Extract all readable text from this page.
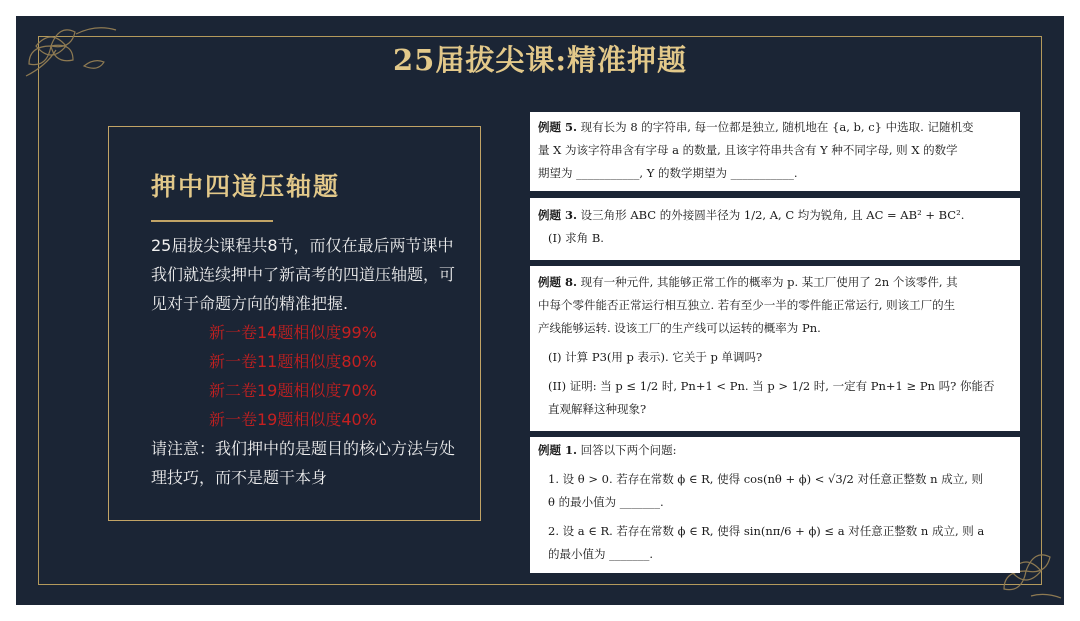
25届拔尖课:精准押题
押中四道压轴题
25届拔尖课程共8节，而仅在最后两节课中我们就连续押中了新高考的四道压轴题，可见对于命题方向的精准把握.
新一卷14题相似度99%
新一卷11题相似度80%
新二卷19题相似度70%
新一卷19题相似度40%
请注意：我们押中的是题目的核心方法与处理技巧，而不是题干本身
例题 5. 现有长为 8 的字符串, 每一位都是独立, 随机地在 {a, b, c} 中选取. 记随机变
量 X 为该字符串含有字母 a 的数量, 且该字符串共含有 Y 种不同字母, 则 X 的数学
期望为 ___________, Y 的数学期望为 ___________.
例题 3. 设三角形 ABC 的外接圆半径为 1/2, A, C 均为锐角, 且 AC = AB² + BC².
(I) 求角 B.
例题 8. 现有一种元件, 其能够正常工作的概率为 p. 某工厂使用了 2n 个该零件, 其
中每个零件能否正常运行相互独立. 若有至少一半的零件能正常运行, 则该工厂的生
产线能够运转. 设该工厂的生产线可以运转的概率为 Pn.
(I) 计算 P3(用 p 表示). 它关于 p 单调吗?
(II) 证明: 当 p ≤ 1/2 时, Pn+1 < Pn. 当 p > 1/2 时, 一定有 Pn+1 ≥ Pn 吗? 你能否
直观解释这种现象?
例题 1. 回答以下两个问题:
1. 设 θ > 0. 若存在常数 ϕ ∈ R, 使得 cos(nθ + ϕ) < √3/2 对任意正整数 n 成立, 则
θ 的最小值为 _______.
2. 设 a ∈ R. 若存在常数 ϕ ∈ R, 使得 sin(nπ/6 + ϕ) ≤ a 对任意正整数 n 成立, 则 a
的最小值为 _______.
